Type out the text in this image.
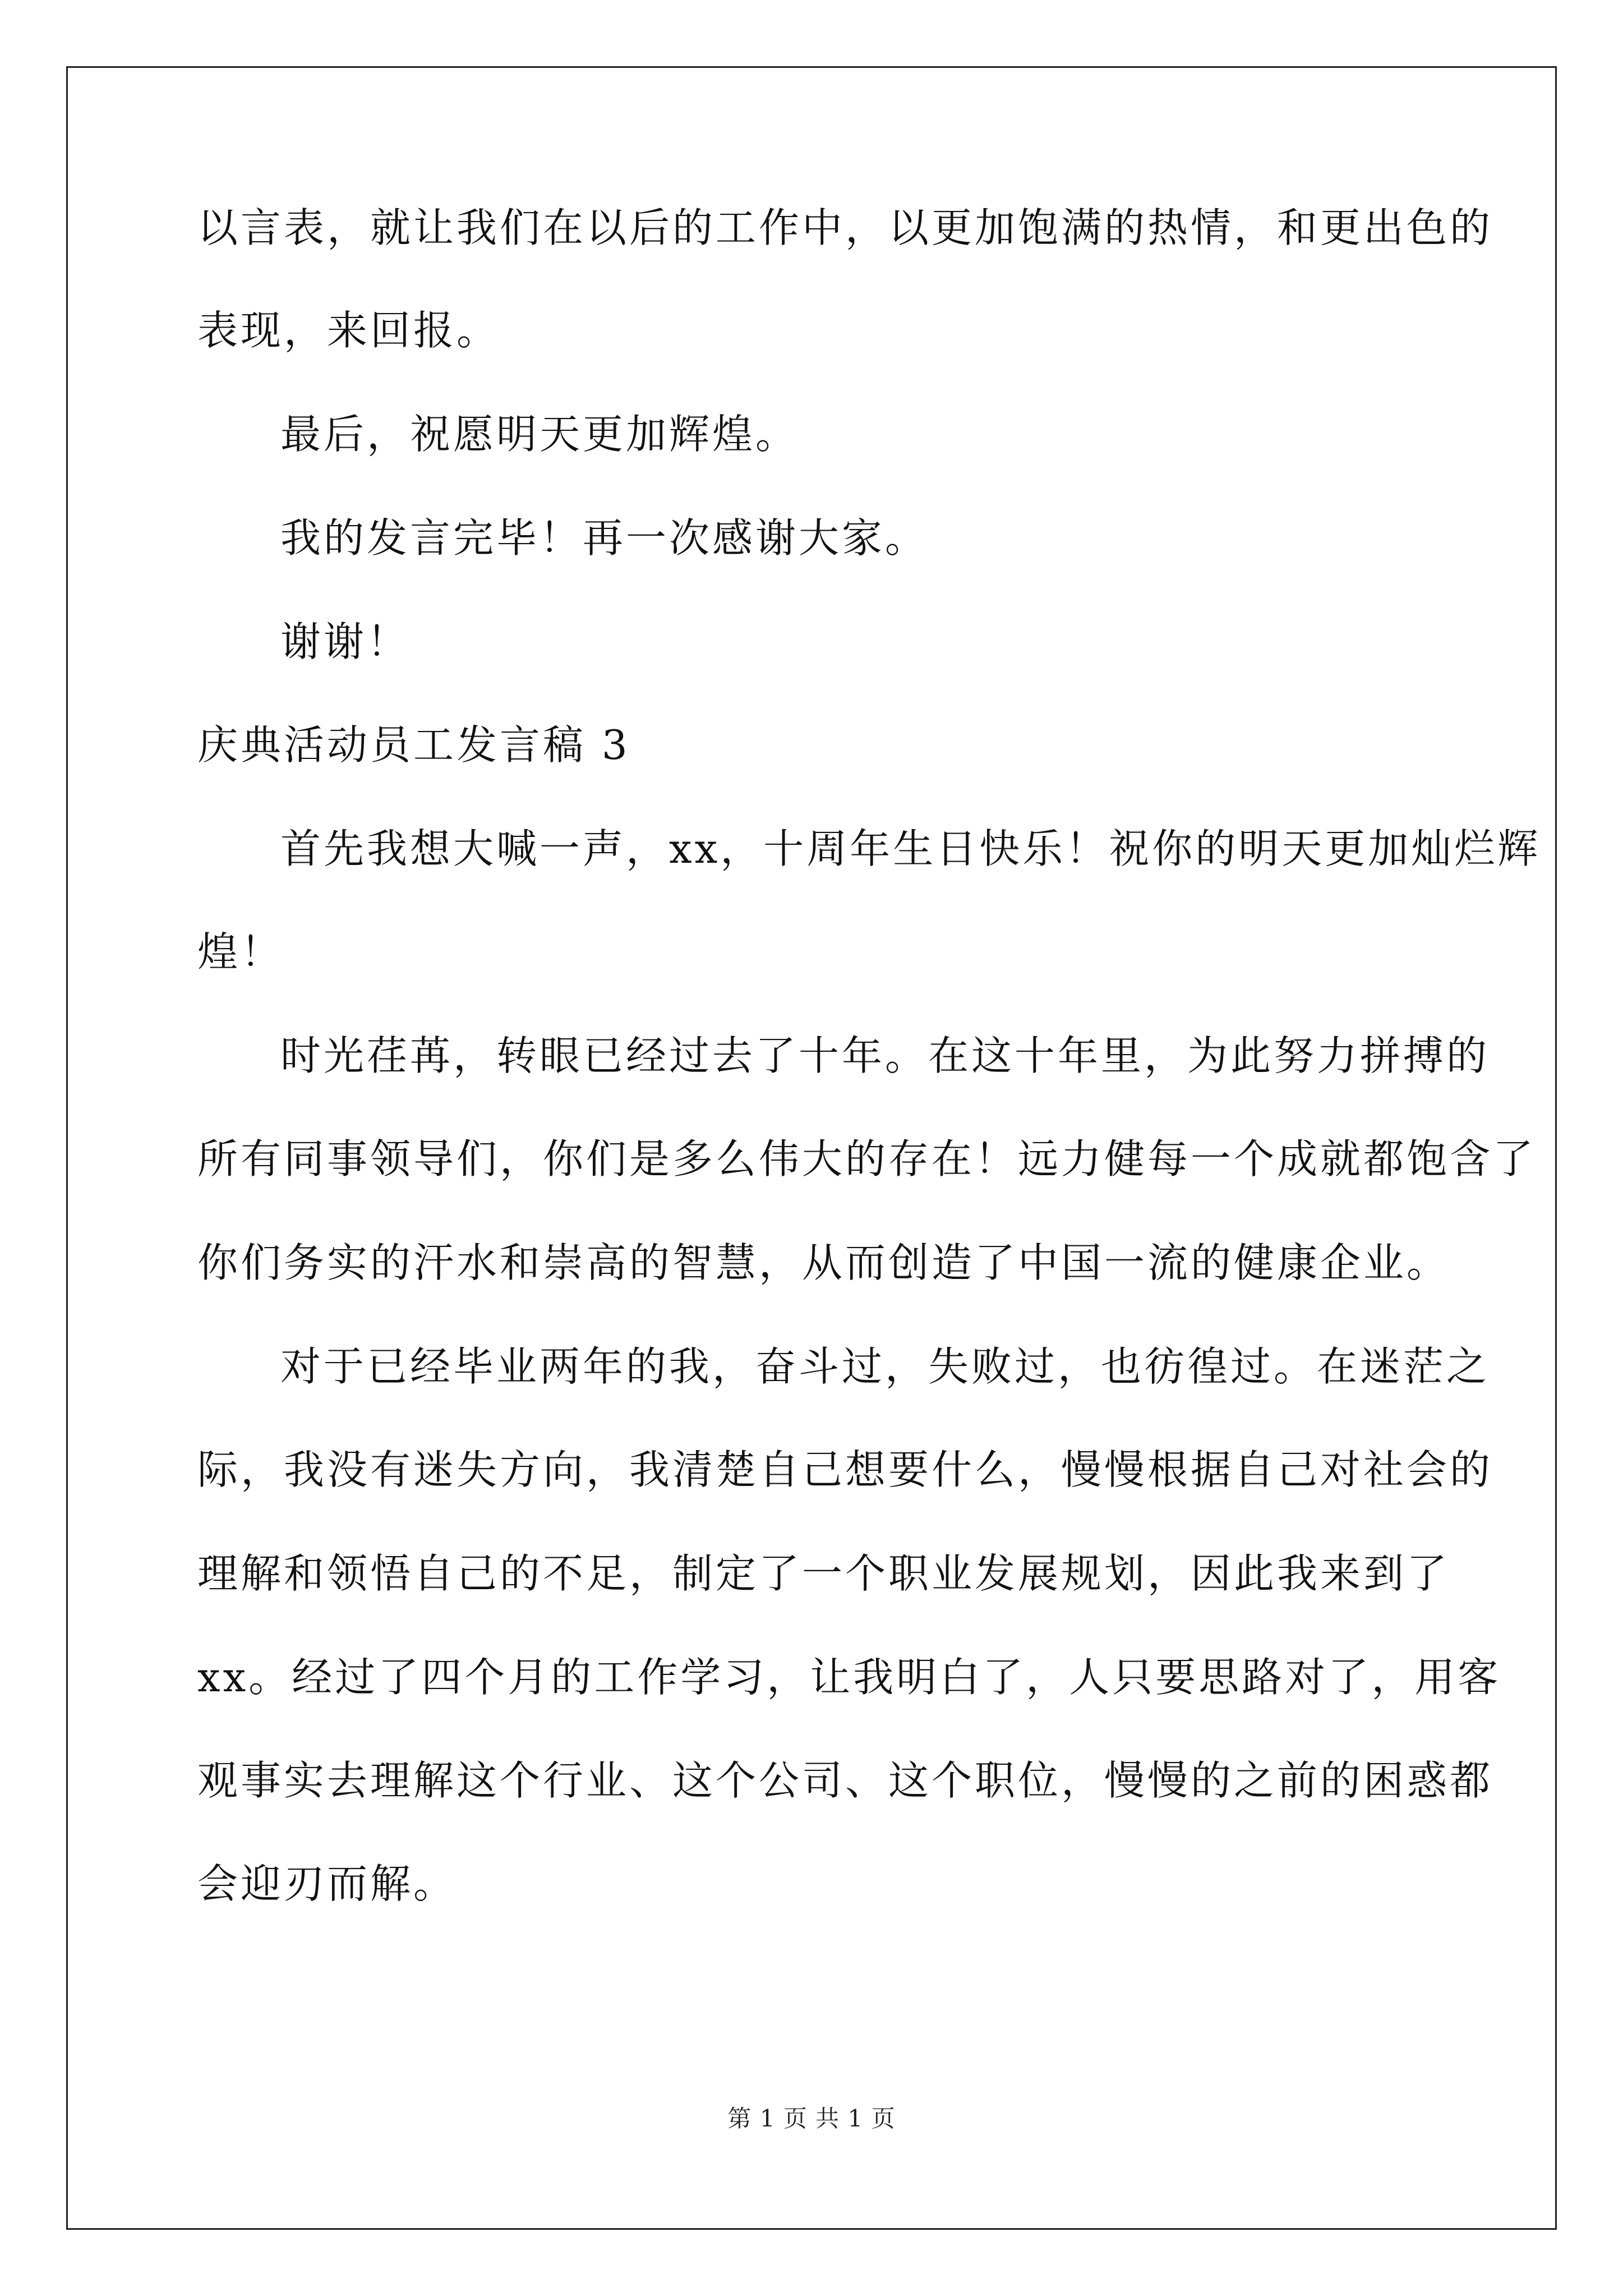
以言表，就让我们在以后的工作中，以更加饱满的热情，和更出色的

表现，来回报。

最后，祝愿明天更加辉煌。

我的发言完毕！再一次感谢大家。

谢谢！

庆典活动员工发言稿 3

首先我想大喊一声，xx，十周年生日快乐！祝你的明天更加灿烂辉

煌！

时光荏苒，转眼已经过去了十年。在这十年里，为此努力拼搏的

所有同事领导们，你们是多么伟大的存在！远力健每一个成就都饱含了

你们务实的汗水和崇高的智慧，从而创造了中国一流的健康企业。

对于已经毕业两年的我，奋斗过，失败过，也彷徨过。在迷茫之

际，我没有迷失方向，我清楚自己想要什么，慢慢根据自己对社会的

理解和领悟自己的不足，制定了一个职业发展规划，因此我来到了

xx。经过了四个月的工作学习，让我明白了，人只要思路对了，用客

观事实去理解这个行业、这个公司、这个职位，慢慢的之前的困惑都

会迎刃而解。

第 1 页 共 1 页
